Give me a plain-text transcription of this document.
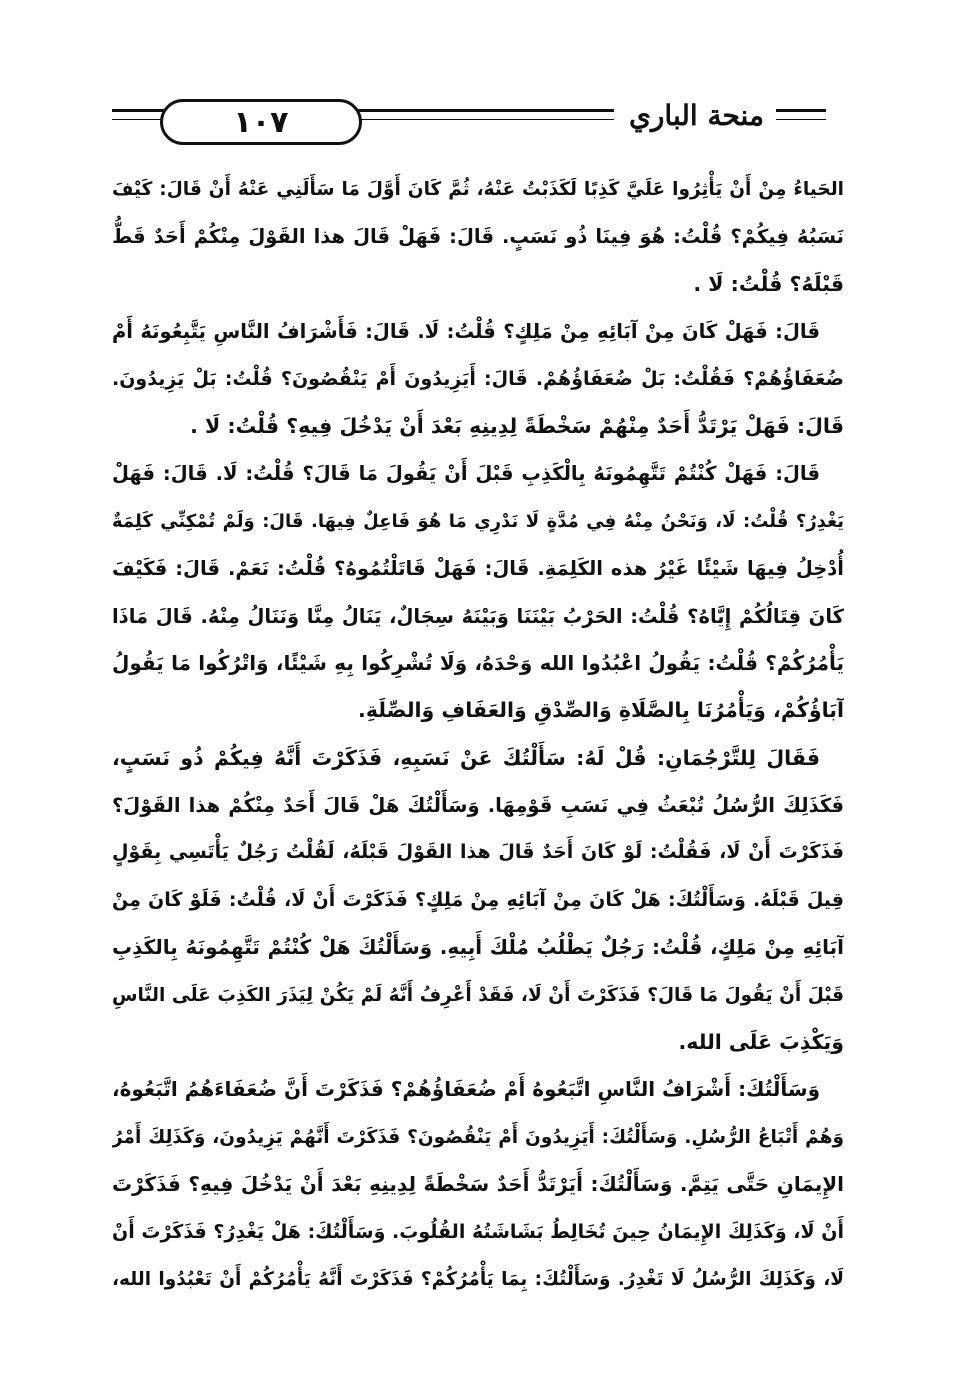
١٠٧	منحة الباري
الحَياءُ مِنْ أَنْ يَأْثِرُوا عَلَيَّ كَذِبًا لَكَذَبْتُ عَنْهُ، ثُمَّ كَانَ أَوَّلَ مَا سَأَلَنِي عَنْهُ أَنْ قَالَ: كَيْفَ
نَسَبُهُ فِيكُمْ؟ قُلْتُ: هُوَ فِينَا ذُو نَسَبٍ. قَالَ: فَهَلْ قَالَ هذا القَوْلَ مِنْكُمْ أَحَدٌ قَطُّ
قَبْلَهُ؟ قُلْتُ: لَا .
قَالَ: فَهَلْ كَانَ مِنْ آبَائِهِ مِنْ مَلِكٍ؟ قُلْتُ: لَا. قَالَ: فَأَشْرَافُ النَّاسِ يَتَّبِعُونَهُ أَمْ
ضُعَفَاؤُهُمْ؟ فَقُلْتُ: بَلْ ضُعَفَاؤُهُمْ. قَالَ: أَيَزِيدُونَ أَمْ يَنْقُصُونَ؟ قُلْتُ: بَلْ يَزِيدُونَ.
قَالَ: فَهَلْ يَرْتَدُّ أَحَدٌ مِنْهُمْ سَخْطَةً لِدِينِهِ بَعْدَ أَنْ يَدْخُلَ فِيهِ؟ قُلْتُ: لَا .
قَالَ: فَهَلْ كُنْتُمْ تَتَّهِمُونَهُ بِالْكَذِبِ قَبْلَ أَنْ يَقُولَ مَا قَالَ؟ قُلْتُ: لَا. قَالَ: فَهَلْ
يَغْدِرُ؟ قُلْتُ: لَا، وَنَحْنُ مِنْهُ فِي مُدَّةٍ لَا نَدْرِي مَا هُوَ فَاعِلٌ فِيهَا. قَالَ: وَلَمْ تُمْكِنِّي كَلِمَةٌ
أُدْخِلُ فِيهَا شَيْئًا غَيْرُ هذه الكَلِمَةِ. قَالَ: فَهَلْ قَاتَلْتُمُوهُ؟ قُلْتُ: نَعَمْ. قَالَ: فَكَيْفَ
كَانَ قِتَالُكُمْ إِيَّاهُ؟ قُلْتُ: الحَرْبُ بَيْنَنَا وَبَيْنَهُ سِجَالٌ، يَنَالُ مِنَّا وَنَنَالُ مِنْهُ. قَالَ مَاذَا
يَأْمُرُكُمْ؟ قُلْتُ: يَقُولُ اعْبُدُوا الله وَحْدَهُ، وَلَا تُشْرِكُوا بِهِ شَيْئًا، وَاتْرُكُوا مَا يَقُولُ
آبَاؤُكُمْ، وَيَأْمُرُنَا بِالصَّلَاةِ وَالصِّدْقِ وَالعَفَافِ وَالصِّلَةِ.
فَقَالَ لِلتَّرْجُمَانِ: قُلْ لَهُ: سَأَلْتُكَ عَنْ نَسَبِهِ، فَذَكَرْتَ أَنَّهُ فِيكُمْ ذُو نَسَبٍ،
فَكَذَلِكَ الرُّسُلُ تُبْعَثُ فِي نَسَبِ قَوْمِهَا. وَسَأَلْتُكَ هَلْ قَالَ أَحَدٌ مِنْكُمْ هذا القَوْلَ؟
فَذَكَرْتَ أَنْ لَا، فَقُلْتُ: لَوْ كَانَ أَحَدٌ قَالَ هذا القَوْلَ قَبْلَهُ، لَقُلْتُ رَجُلٌ يَأْتَسِي بِقَوْلٍ
قِيلَ قَبْلَهُ. وَسَأَلْتُكَ: هَلْ كَانَ مِنْ آبَائِهِ مِنْ مَلِكٍ؟ فَذَكَرْتَ أَنْ لَا، قُلْتُ: فَلَوْ كَانَ مِنْ
آبَائِهِ مِنْ مَلِكٍ، قُلْتُ: رَجُلٌ يَطْلُبُ مُلْكَ أَبِيهِ. وَسَأَلْتُكَ هَلْ كُنْتُمْ تَتَّهِمُونَهُ بِالكَذِبِ
قَبْلَ أَنْ يَقُولَ مَا قَالَ؟ فَذَكَرْتَ أَنْ لَا، فَقَدْ أَعْرِفُ أَنَّهُ لَمْ يَكُنْ لِيَذَرَ الكَذِبَ عَلَى النَّاسِ
وَيَكْذِبَ عَلَى الله.
وَسَأَلْتُكَ: أَشْرَافُ النَّاسِ اتَّبَعُوهُ أَمْ ضُعَفَاؤُهُمْ؟ فَذَكَرْتَ أَنَّ ضُعَفَاءَهُمُ اتَّبَعُوهُ،
وَهُمْ أَتْبَاعُ الرُّسُلِ. وَسَأَلْتُكَ: أَيَزِيدُونَ أَمْ يَنْقُصُونَ؟ فَذَكَرْتَ أَنَّهُمْ يَزِيدُونَ، وَكَذَلِكَ أَمْرُ
الإِيمَانِ حَتَّى يَتِمَّ. وَسَأَلْتُكَ: أَيَرْتَدُّ أَحَدٌ سَخْطَةً لِدِينِهِ بَعْدَ أَنْ يَدْخُلَ فِيهِ؟ فَذَكَرْتَ
أَنْ لَا، وَكَذَلِكَ الإِيمَانُ حِينَ تُخَالِطُ بَشَاشَتُهُ القُلُوبَ. وَسَأَلْتُكَ: هَلْ يَغْدِرُ؟ فَذَكَرْتَ أَنْ
لَا، وَكَذَلِكَ الرُّسُلُ لَا تَغْدِرُ. وَسَأَلْتُكَ: بِمَا يَأْمُرُكُمْ؟ فَذَكَرْتَ أَنَّهُ يَأْمُرُكُمْ أَنْ تَعْبُدُوا الله،
